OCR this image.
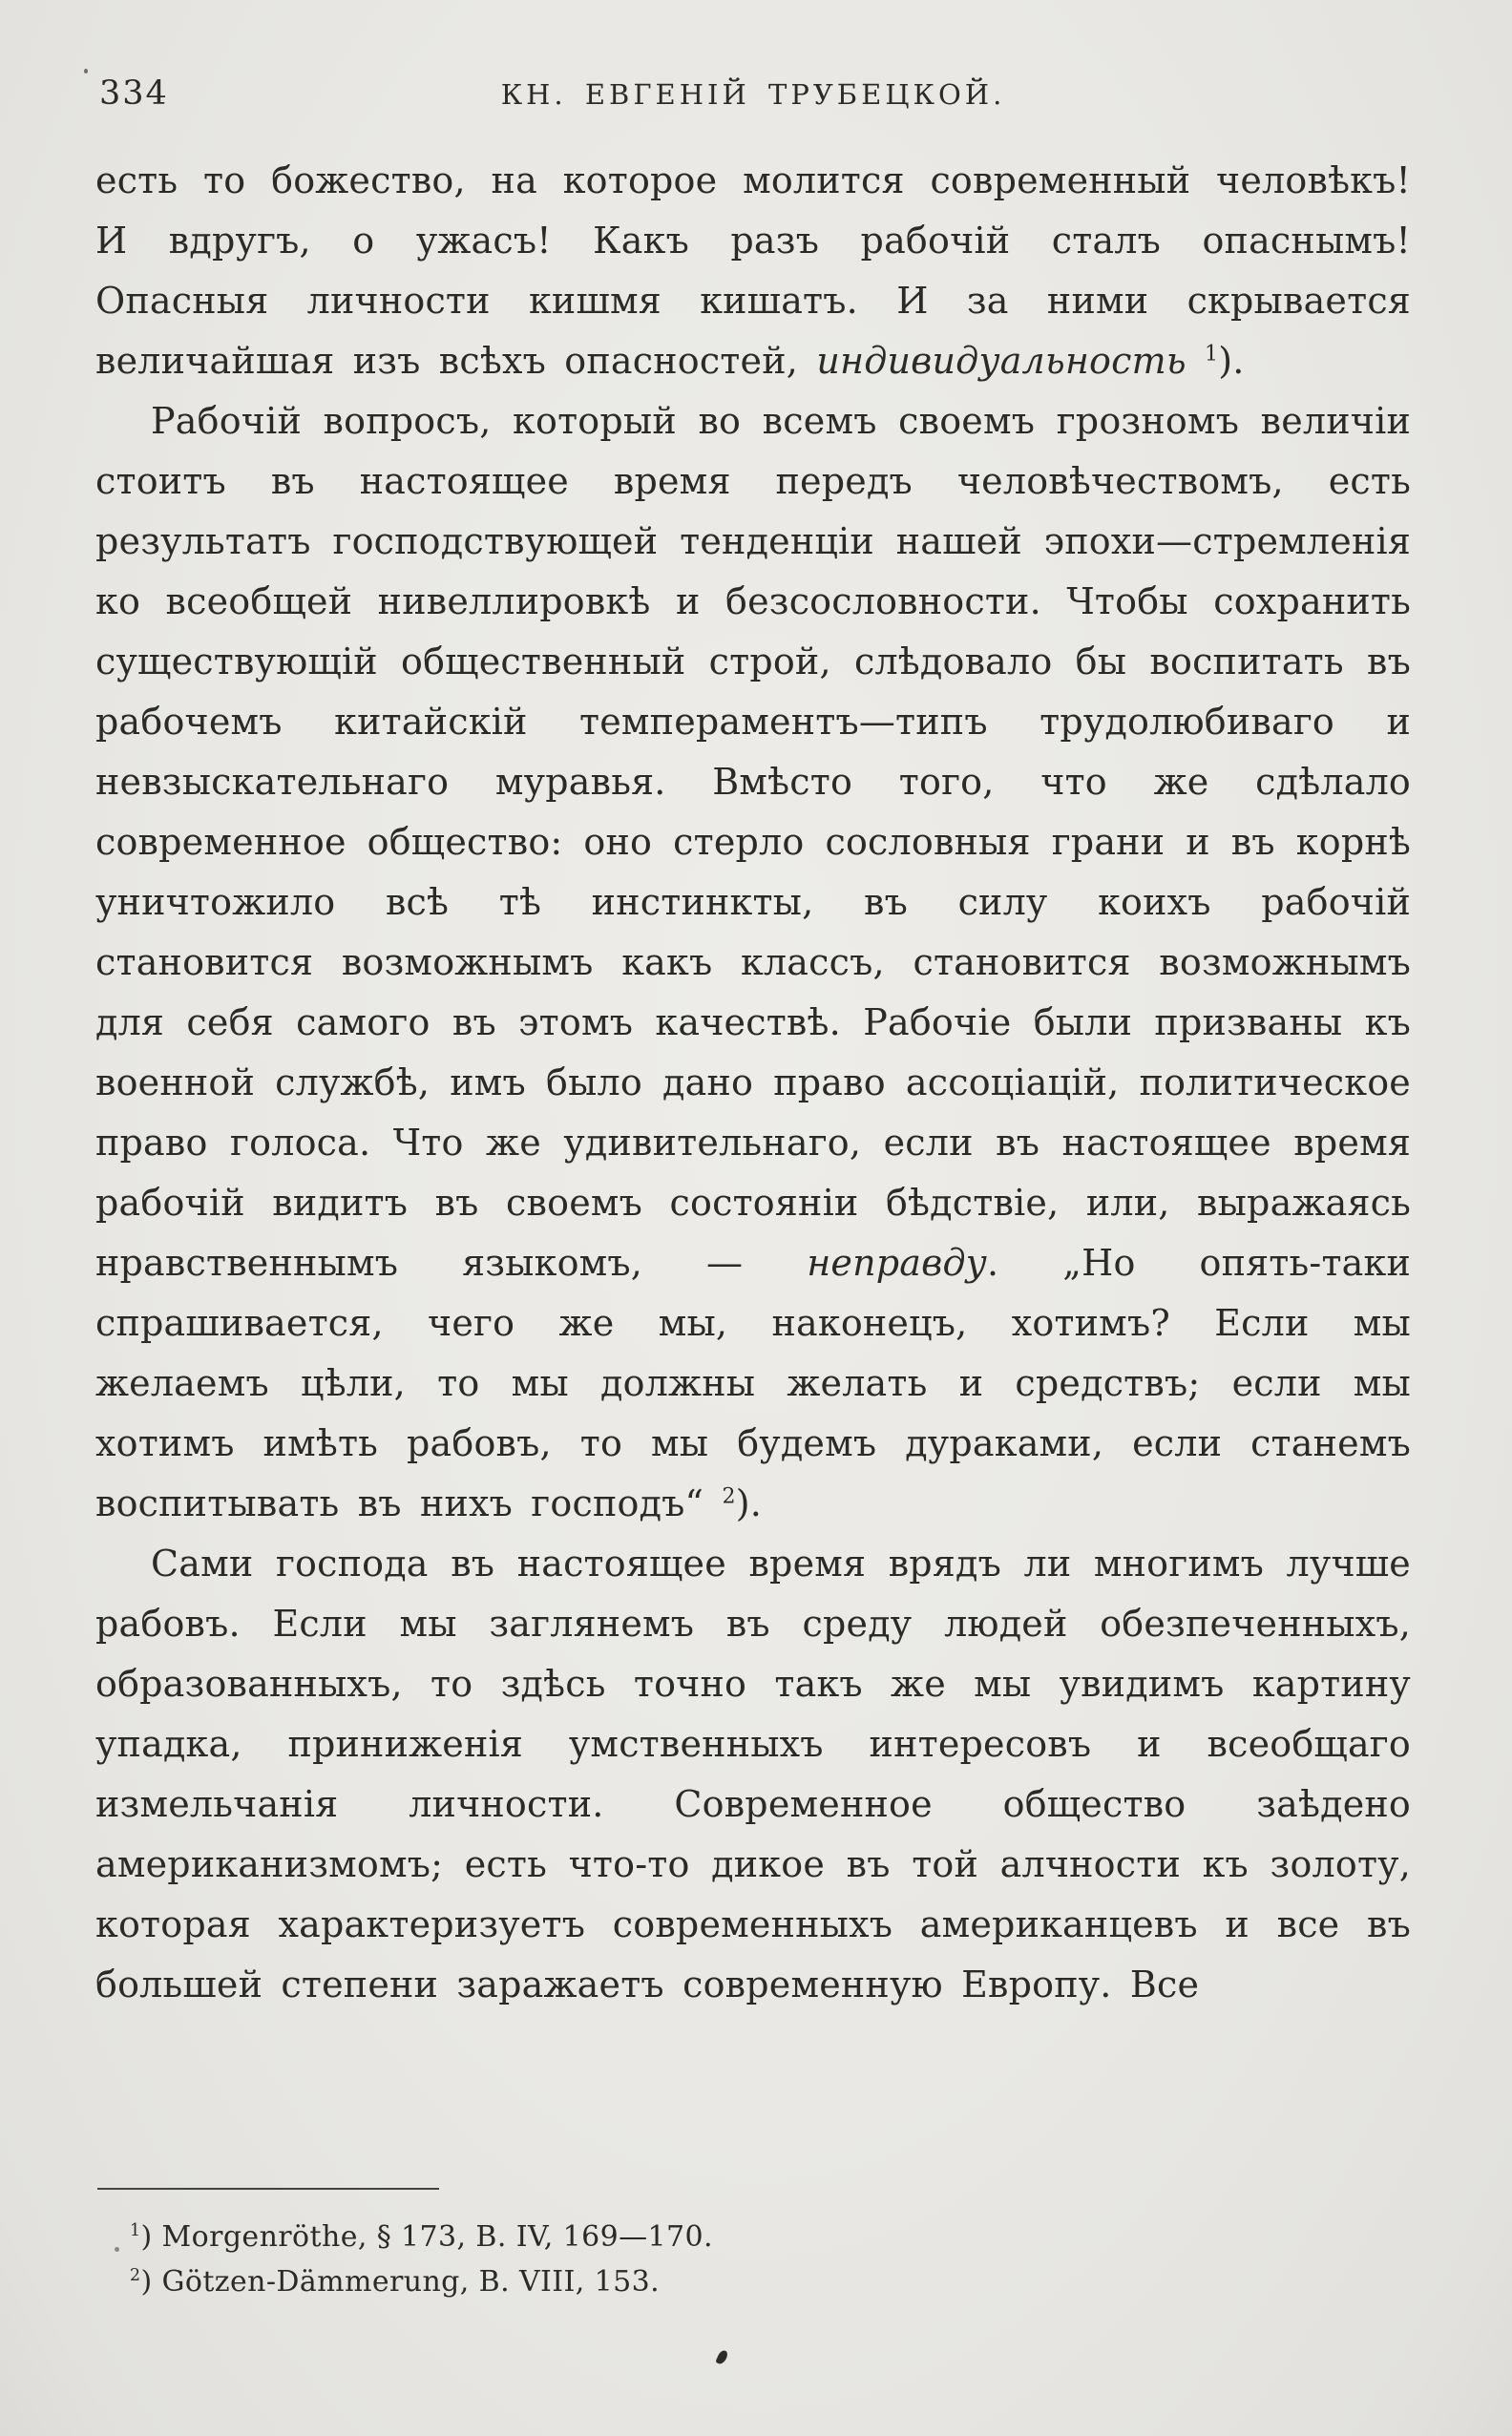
334	КН. ЕВГЕНІЙ ТРУБЕЦКОЙ.

есть то божество, на которое молится современный человѣкъ! И вдругъ, о ужасъ! Какъ разъ рабочій сталъ опаснымъ! Опасныя личности кишмя кишатъ. И за ними скрывается величайшая изъ всѣхъ опасностей, индивидуальность $^1$).

Рабочій вопросъ, который во всемъ своемъ грозномъ величіи стоитъ въ настоящее время передъ человѣчествомъ, есть результатъ господствующей тенденціи нашей эпохи—стремленія ко всеобщей нивеллировкѣ и безсословности. Чтобы сохранить существующій общественный строй, слѣдовало бы воспитать въ рабочемъ китайскій темпераментъ—типъ трудолюбиваго и невзыскательнаго муравья. Вмѣсто того, что же сдѣлало современное общество: оно стерло сословныя грани и въ корнѣ уничтожило всѣ тѣ инстинкты, въ силу коихъ рабочій становится возможнымъ какъ классъ, становится возможнымъ для себя самого въ этомъ качествѣ. Рабочіе были призваны къ военной службѣ, имъ было дано право ассоціацій, политическое право голоса. Что же удивительнаго, если въ настоящее время рабочій видитъ въ своемъ состояніи бѣдствіе, или, выражаясь нравственнымъ языкомъ, — неправду. „Но опять-таки спрашивается, чего же мы, наконецъ, хотимъ? Если мы желаемъ цѣли, то мы должны желать и средствъ; если мы хотимъ имѣть рабовъ, то мы будемъ дураками, если станемъ воспитывать въ нихъ господъ“ $^2$).

Сами господа въ настоящее время врядъ ли многимъ лучше рабовъ. Если мы заглянемъ въ среду людей обезпеченныхъ, образованныхъ, то здѣсь точно такъ же мы увидимъ картину упадка, приниженія умственныхъ интересовъ и всеобщаго измельчанія личности. Современное общество заѣдено американизмомъ; есть что-то дикое въ той алчности къ золоту, которая характеризуетъ современныхъ американцевъ и все въ большей степени заражаетъ современную Европу. Все

$^1$) Morgenröthe, § 173, B. IV, 169—170.

$^2$) Götzen-Dämmerung, B. VIII, 153.
